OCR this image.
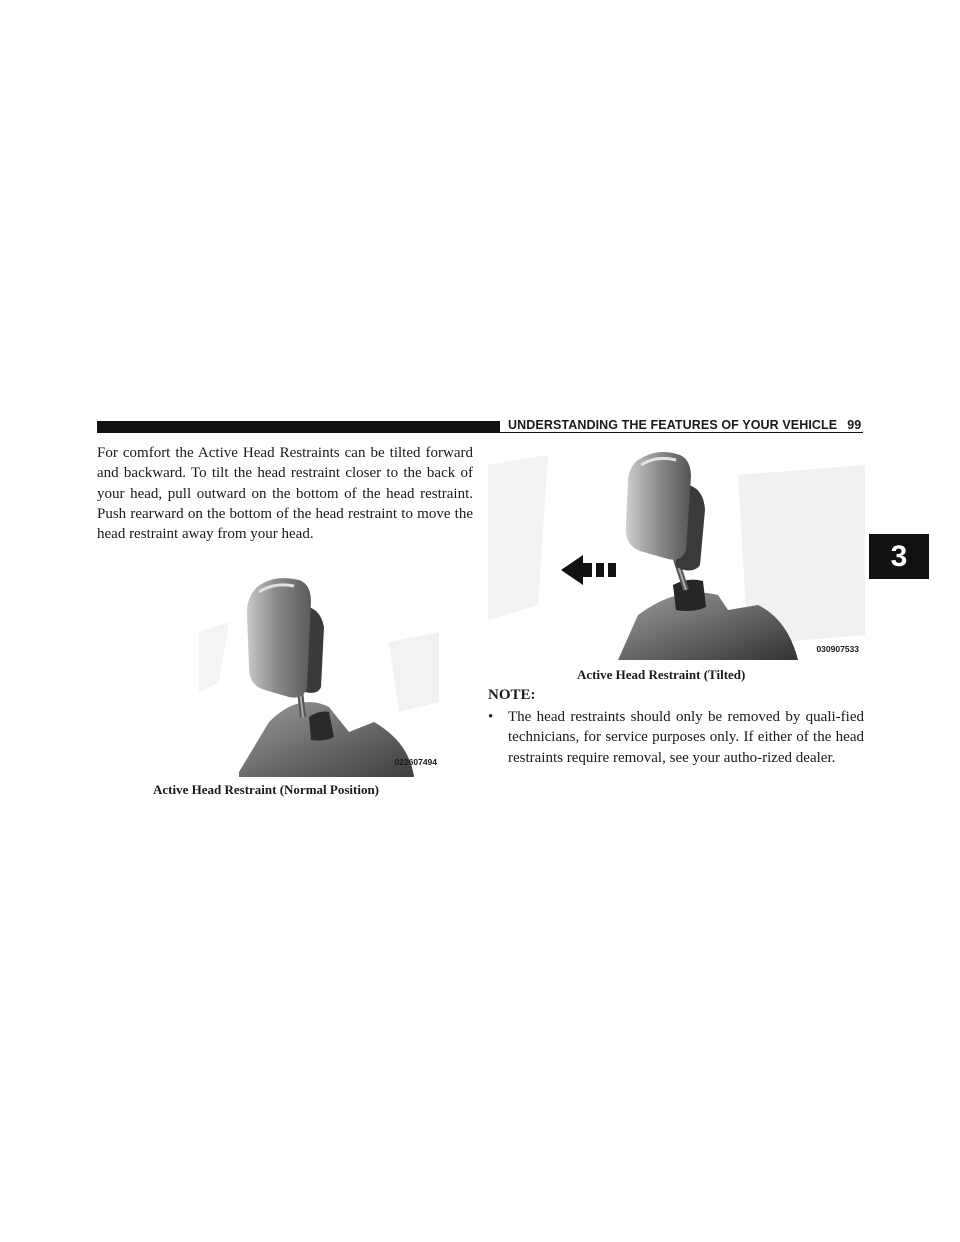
UNDERSTANDING THE FEATURES OF YOUR VEHICLE 99
3

For comfort the Active Head Restraints can be tilted forward and backward. To tilt the head restraint closer to the back of your head, pull outward on the bottom of the head restraint. Push rearward on the bottom of the head restraint to move the head restraint away from your head.

022607494
Active Head Restraint (Normal Position)
030907533
Active Head Restraint (Tilted)
NOTE:
• The head restraints should only be removed by quali-fied technicians, for service purposes only. If either of the head restraints require removal, see your autho-rized dealer.
